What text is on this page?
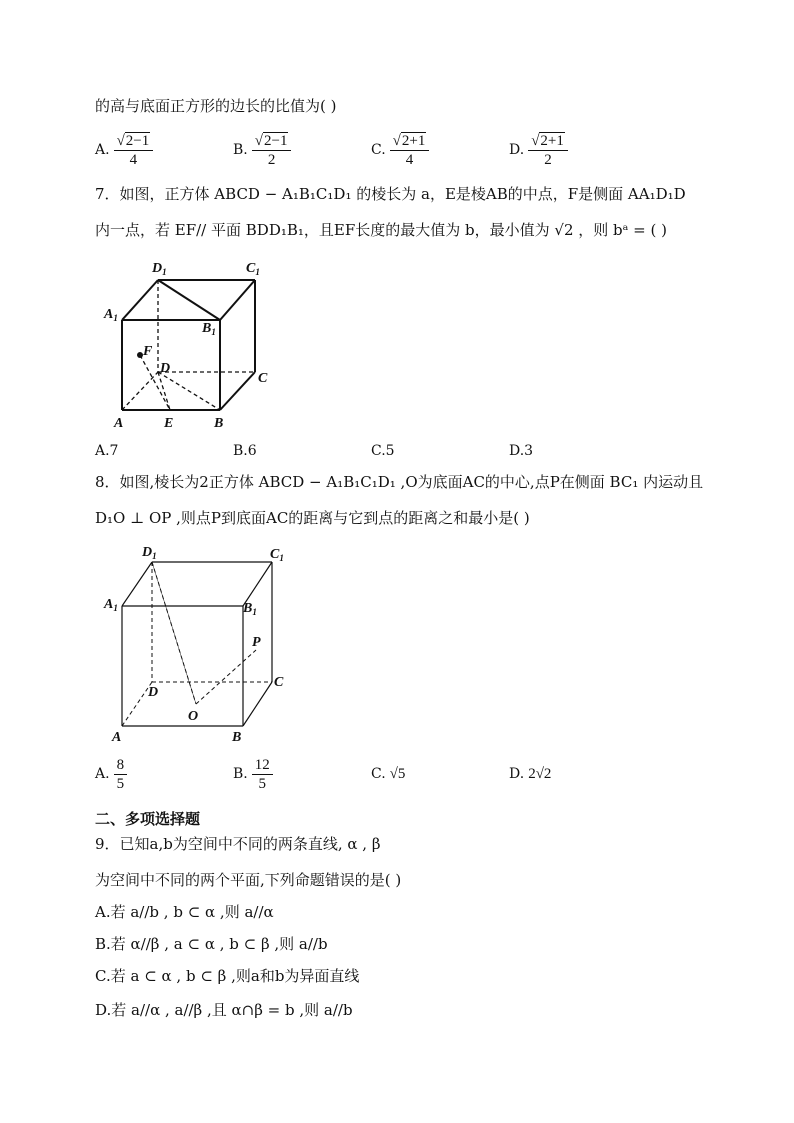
的高与底面正方形的边长的比值为( )
A. $\frac{√2-1}{4}$	B. $\frac{√2-1}{2}$	C. $\frac{√2+1}{4}$	D. $\frac{√2+1}{2}$
7．如图，正方体 ABCD − A₁B₁C₁D₁ 的棱长为 a，E是棱AB的中点，F是侧面 AA₁D₁D
内一点，若 EF// 平面 BDD₁B₁，且EF长度的最大值为 b，最小值为 √2 ，则 bᵃ = ( )
$D_1$	$C_1$
$A_1$
$B_1$
F
D
C
A	E	B
A.7	B.6	C.5	D.3
8．如图,棱长为2正方体 ABCD − A₁B₁C₁D₁ ,O为底面AC的中心,点P在侧面 BC₁ 内运动且
D₁O ⊥ OP ,则点P到底面AC的距离与它到点的距离之和最小是( )
$D_1$	$C_1$
$A_1$	$B_1$
P
D
C
O
A	B
A. $\frac{8}{5}$	B. $\frac{12}{5}$	C. √5	D. 2√2
二、多项选择题
9．已知a,b为空间中不同的两条直线, α , β
为空间中不同的两个平面,下列命题错误的是( )
A.若 a//b , b ⊂ α ,则 a//α
B.若 α//β , a ⊂ α , b ⊂ β ,则 a//b
C.若 a ⊂ α , b ⊂ β ,则a和b为异面直线
D.若 a//α , a//β ,且 α∩β = b ,则 a//b
